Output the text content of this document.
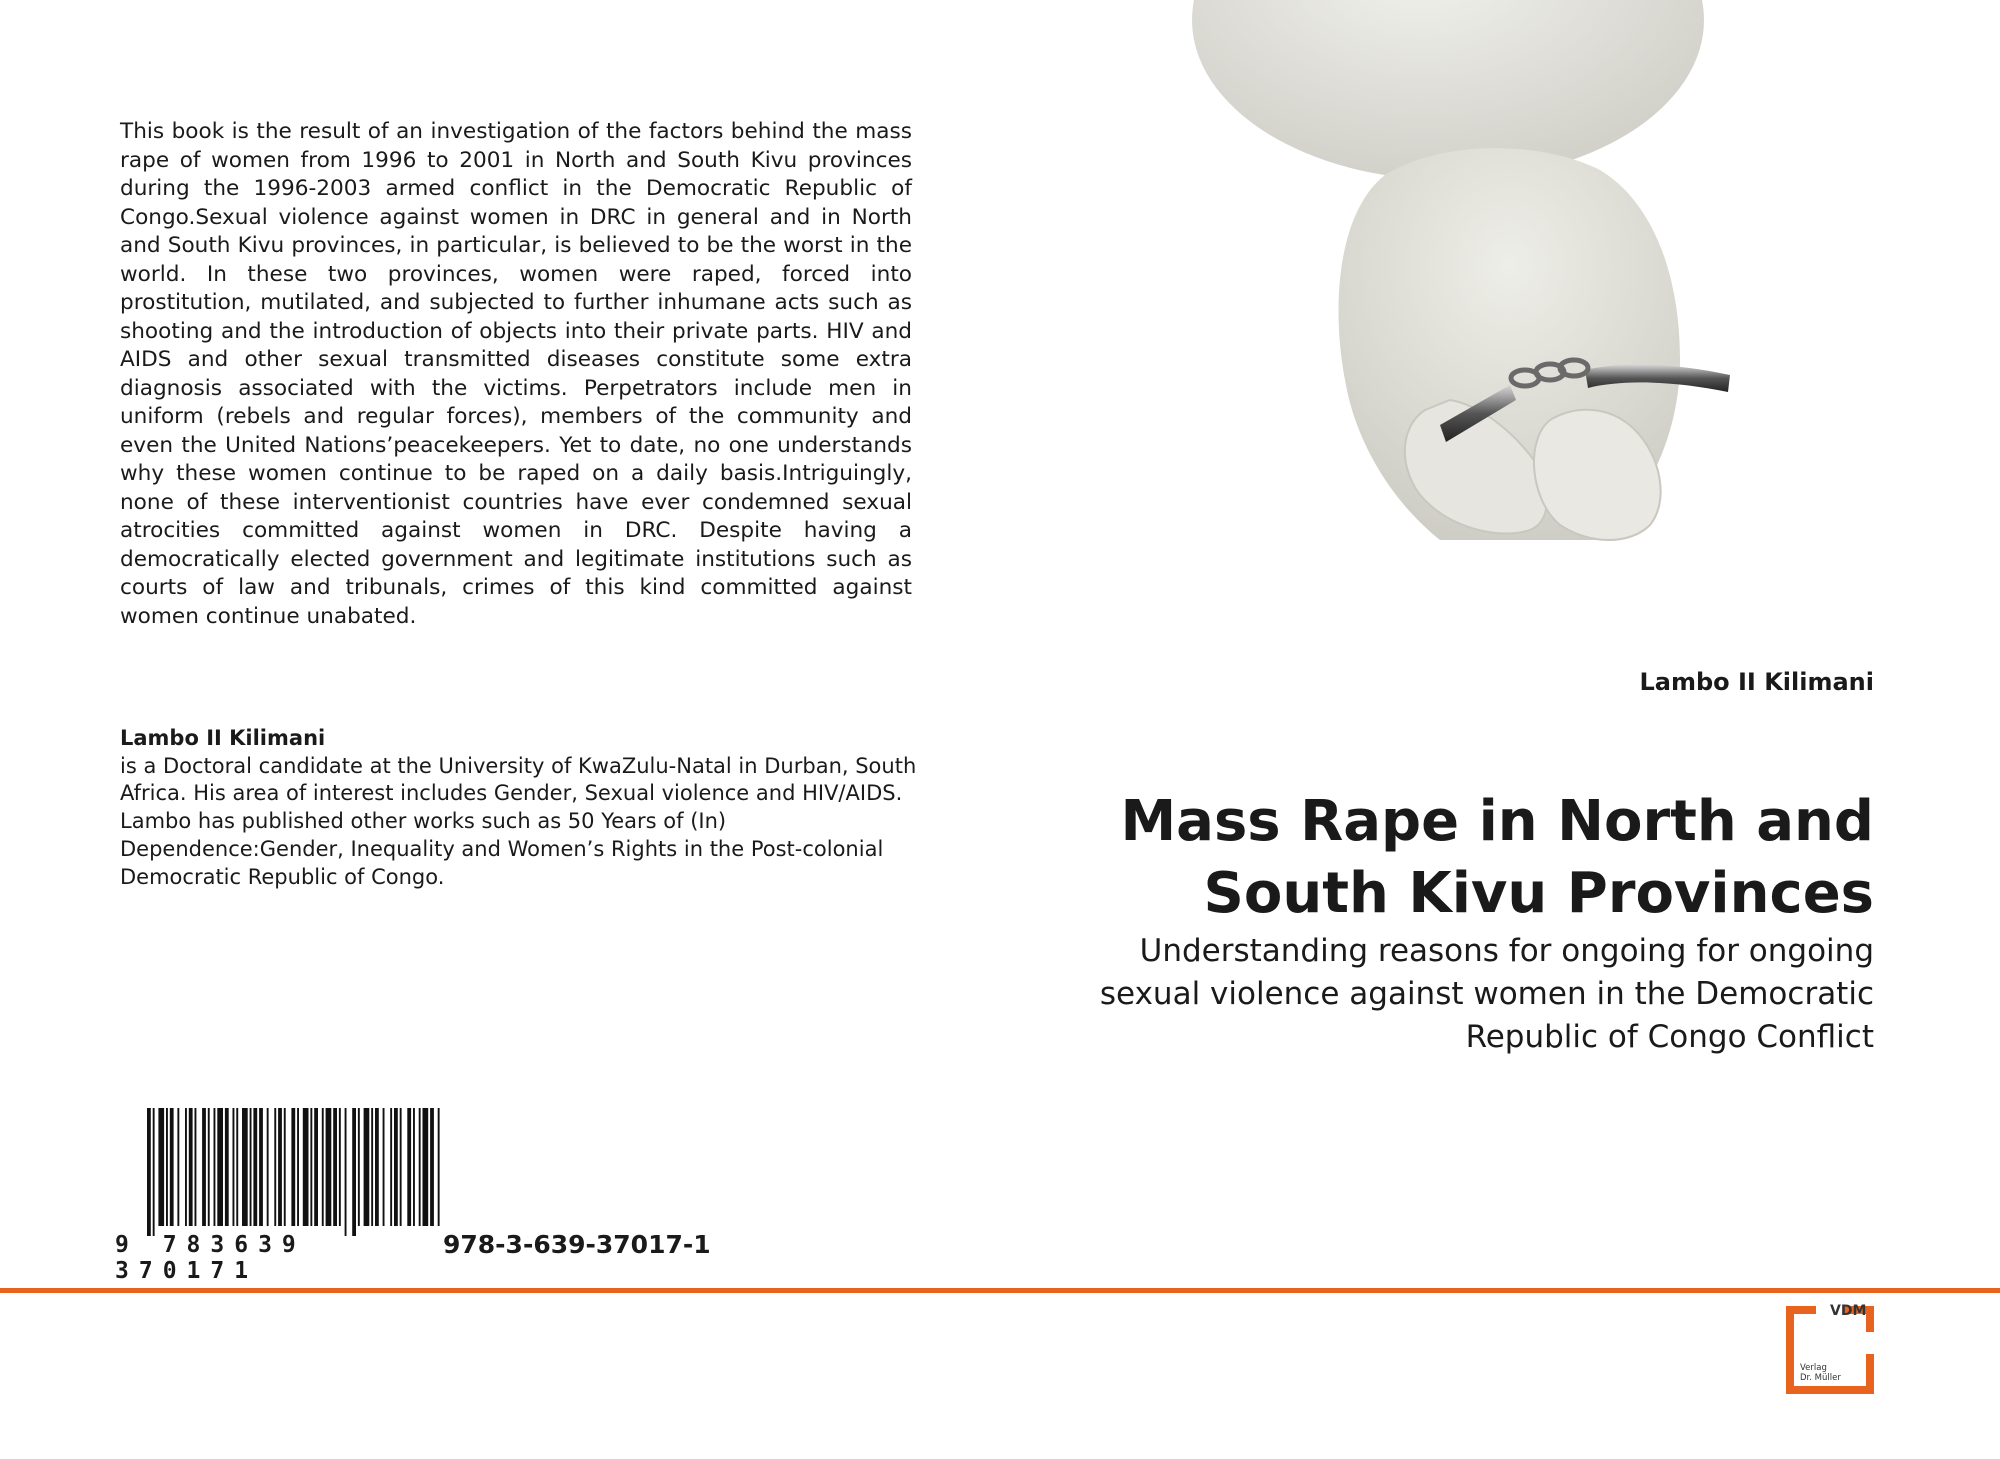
This book is the result of an investigation of the factors behind the mass rape of women from 1996 to 2001 in North and South Kivu provinces during the 1996-2003 armed conflict in the Democratic Republic of Congo.Sexual violence against women in DRC in general and in North and South Kivu provinces, in particular, is believed to be the worst in the world. In these two provinces, women were raped, forced into prostitution, mutilated, and subjected to further inhumane acts such as shooting and the introduction of objects into their private parts. HIV and AIDS and other sexual transmitted diseases constitute some extra diagnosis associated with the victims. Perpetrators include men in uniform (rebels and regular forces), members of the community and even the United Nations’peacekeepers. Yet to date, no one understands why these women continue to be raped on a daily basis.Intriguingly, none of these interventionist countries have ever condemned sexual atrocities committed against women in DRC. Despite having a democratically elected government and legitimate institutions such as courts of law and tribunals, crimes of this kind committed against women continue unabated.

Lambo II Kilimani
is a Doctoral candidate at the University of KwaZulu-Natal in Durban, South Africa. His area of interest includes Gender, Sexual violence and HIV/AIDS. Lambo has published other works such as 50 Years of (In) Dependence:Gender, Inequality and Women’s Rights in the Post-colonial Democratic Republic of Congo.
Lambo II Kilimani
Mass Rape in North and
South Kivu Provinces

Understanding reasons for ongoing for ongoing
sexual violence against women in the Democratic
Republic of Congo Conflict

9 783639 370171
978-3-639-37017-1
VDM
Verlag
Dr. Müller
